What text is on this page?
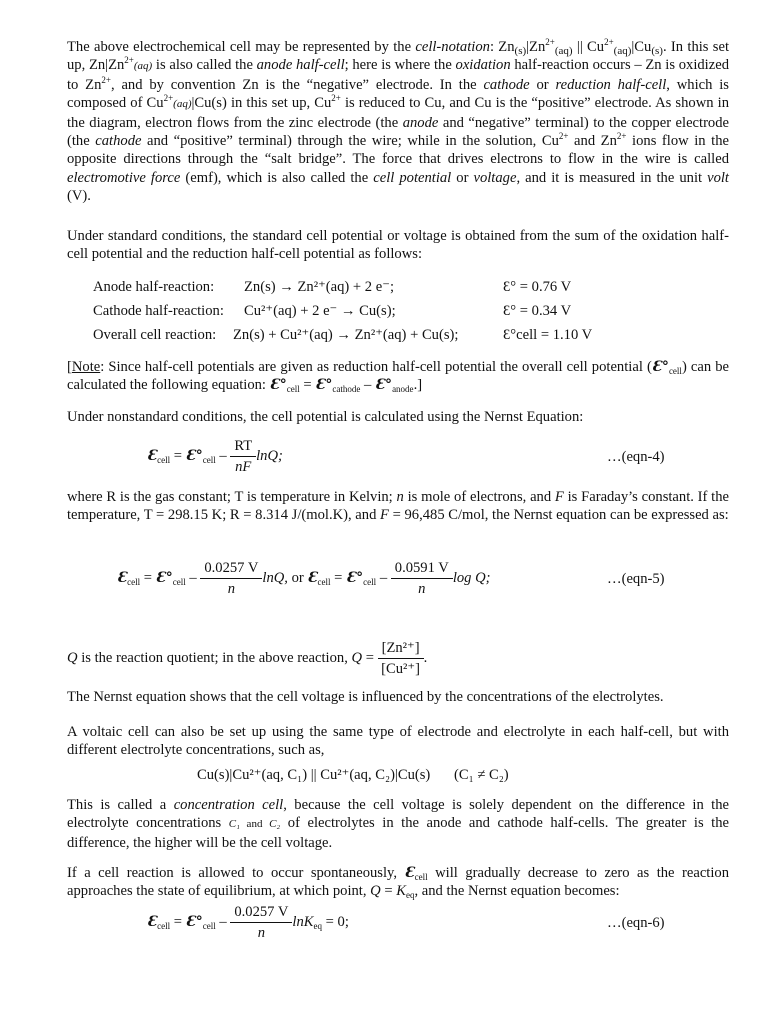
The above electrochemical cell may be represented by the cell-notation: $Zn_{(s)}|Zn^{2+}_{(aq)}$ || $Cu^{2+}_{(aq)}|Cu_{(s)}$. In this set up, $Zn|Zn^{2+}(aq)$ is also called the anode half-cell; here is where the oxidation half-reaction occurs – Zn is oxidized to $Zn^{2+}$, and by convention Zn is the “negative” electrode. In the cathode or reduction half-cell, which is composed of $Cu^{2+}(aq)|Cu(s)$ in this set up, $Cu^{2+}$ is reduced to Cu, and Cu is the “positive” electrode. As shown in the diagram, electron flows from the zinc electrode (the anode and “negative” terminal) to the copper electrode (the cathode and “positive” terminal) through the wire; while in the solution, $Cu^{2+}$ and $Zn^{2+}$ ions flow in the opposite directions through the “salt bridge”. The force that drives electrons to flow in the wire is called electromotive force (emf), which is also called the cell potential or voltage, and it is measured in the unit volt (V).

Under standard conditions, the standard cell potential or voltage is obtained from the sum of the oxidation half-cell potential and the reduction half-cell potential as follows:

Anode half-reaction: Zn(s) → Zn²⁺(aq) + 2 e⁻;	Ɛ° = 0.76 V
Cathode half-reaction: Cu²⁺(aq) + 2 e⁻ → Cu(s);	Ɛ° = 0.34 V
Overall cell reaction: Zn(s) + Cu²⁺(aq) → Zn²⁺(aq) + Cu(s);	Ɛ°cell = 1.10 V

[Note: Since half-cell potentials are given as reduction half-cell potential the overall cell potential $(Ɛ^\circ_{cell})$ can be calculated the following equation: $Ɛ^\circ_{cell}$ = $Ɛ^\circ_{cathode}$ – $Ɛ^\circ_{anode}$.]

Under nonstandard conditions, the cell potential is calculated using the Nernst Equation:

$Ɛ_{cell}$ = $Ɛ^\circ_{cell} - \frac{RT}{nF} \ln Q$;	…(eqn-4)

where R is the gas constant; T is temperature in Kelvin; n is mole of electrons, and F is Faraday’s constant. If the temperature, T = 298.15 K; R = 8.314 J/(mol.K), and F = 96,485 C/mol, the Nernst equation can be expressed as:

$Ɛ_{cell}$ = $Ɛ^\circ_{cell} - \frac{0.0257 V}{n} \ln Q$, or $Ɛ_{cell}$ = $Ɛ^\circ_{cell} - \frac{0.0591 V}{n}$ log Q;	…(eqn-5)
Q is the reaction quotient; in the above reaction, $Q = \frac{\text{[Zn²⁺]}}{\text{[Cu²⁺]}}$ .

The Nernst equation shows that the cell voltage is influenced by the concentrations of the electrolytes.

A voltaic cell can also be set up using the same type of electrode and electrolyte in each half-cell, but with different electrolyte concentrations, such as,

Cu(s)|Cu²⁺(aq, C₁) || Cu²⁺(aq, C₂)|Cu(s) (C₁ ≠ C₂)

This is called a concentration cell, because the cell voltage is solely dependent on the difference in the electrolyte concentrations C₁ and C₂ of electrolytes in the anode and cathode half-cells. The greater is the difference, the higher will be the cell voltage.

If a cell reaction is allowed to occur spontaneously, $Ɛ_{cell}$ will gradually decrease to zero as the reaction approaches the state of equilibrium, at which point, $Q = K_{eq}$, and the Nernst equation becomes:

$Ɛ_{cell}$ = $Ɛ^\circ_{cell} - \frac{0.0257 V}{n} \ln K_{eq} = 0$;	…(eqn-6)
